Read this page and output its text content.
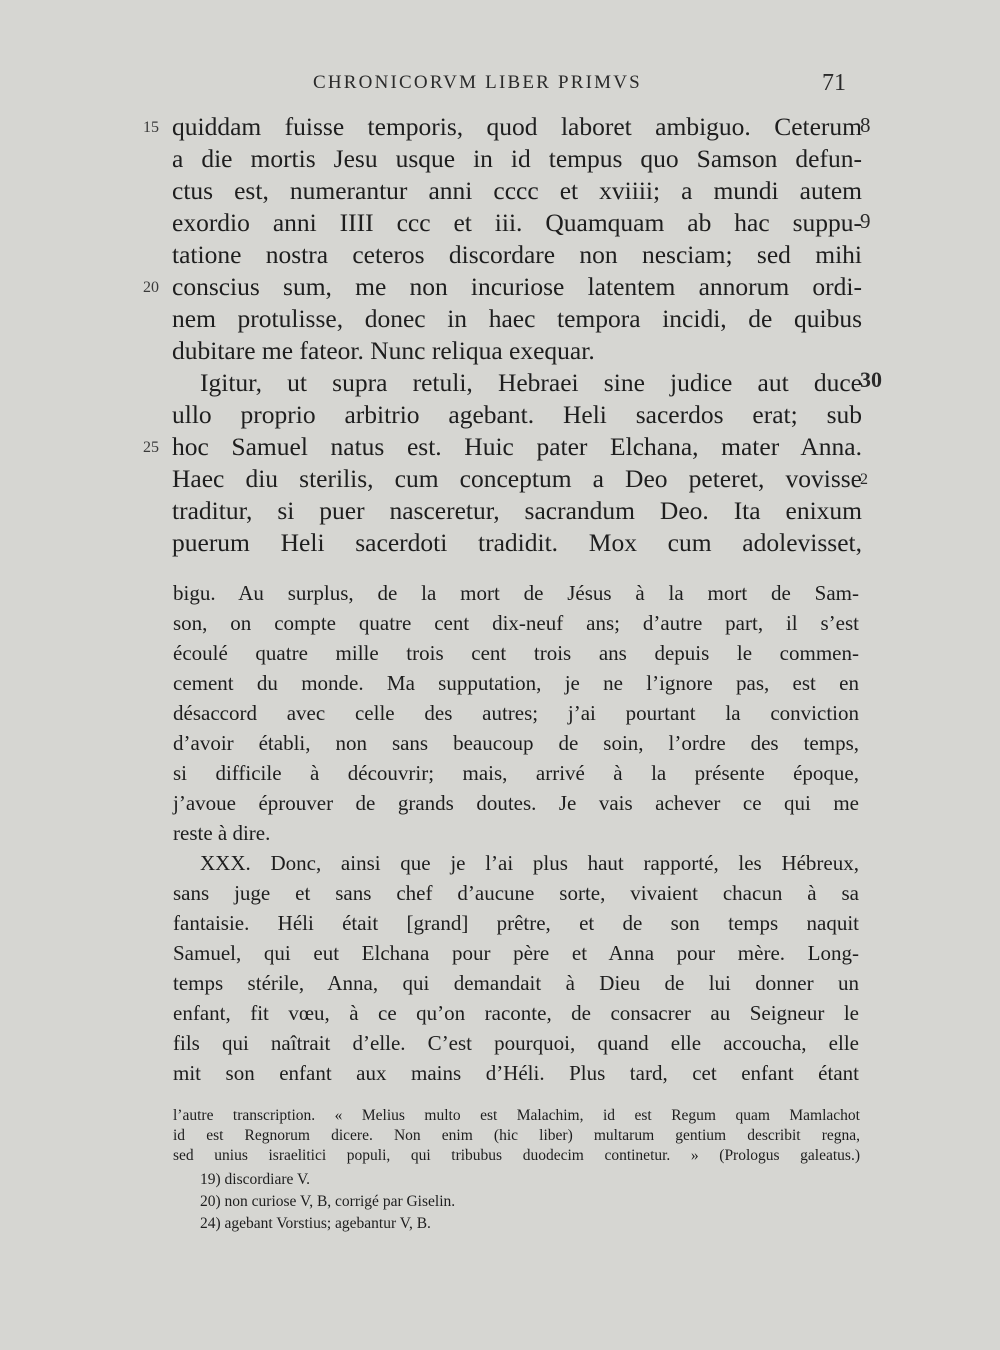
CHRONICORVM LIBER PRIMVS	71
quiddam fuisse temporis, quod laboret ambiguo. Ceterum
a die mortis Jesu usque in id tempus quo Samson defun-
ctus est, numerantur anni cccc et xviiii; a mundi autem
exordio anni IIII ccc et iii. Quamquam ab hac suppu-
tatione nostra ceteros discordare non nesciam; sed mihi
conscius sum, me non incuriose latentem annorum ordi-
nem protulisse, donec in haec tempora incidi, de quibus
dubitare me fateor. Nunc reliqua exequar.
Igitur, ut supra retuli, Hebraei sine judice aut duce
ullo proprio arbitrio agebant. Heli sacerdos erat; sub
hoc Samuel natus est. Huic pater Elchana, mater Anna.
Haec diu sterilis, cum conceptum a Deo peteret, vovisse
traditur, si puer nasceretur, sacrandum Deo. Ita enixum
puerum Heli sacerdoti tradidit. Mox cum adolevisset,
15
20
25
8
9
30
2
bigu. Au surplus, de la mort de Jésus à la mort de Sam-
son, on compte quatre cent dix-neuf ans; d’autre part, il s’est
écoulé quatre mille trois cent trois ans depuis le commen-
cement du monde. Ma supputation, je ne l’ignore pas, est en
désaccord avec celle des autres; j’ai pourtant la conviction
d’avoir établi, non sans beaucoup de soin, l’ordre des temps,
si difficile à découvrir; mais, arrivé à la présente époque,
j’avoue éprouver de grands doutes. Je vais achever ce qui me
reste à dire.
XXX. Donc, ainsi que je l’ai plus haut rapporté, les Hébreux,
sans juge et sans chef d’aucune sorte, vivaient chacun à sa
fantaisie. Héli était [grand] prêtre, et de son temps naquit
Samuel, qui eut Elchana pour père et Anna pour mère. Long-
temps stérile, Anna, qui demandait à Dieu de lui donner un
enfant, fit vœu, à ce qu’on raconte, de consacrer au Seigneur le
fils qui naîtrait d’elle. C’est pourquoi, quand elle accoucha, elle
mit son enfant aux mains d’Héli. Plus tard, cet enfant étant
l’autre transcription. « Melius multo est Malachim, id est Regum quam Mamlachot
id est Regnorum dicere. Non enim (hic liber) multarum gentium describit regna,
sed unius israelitici populi, qui tribubus duodecim continetur. » (Prologus galeatus.)
19) discordiare V.
20) non curiose V, B, corrigé par Giselin.
24) agebant Vorstius; agebantur V, B.
